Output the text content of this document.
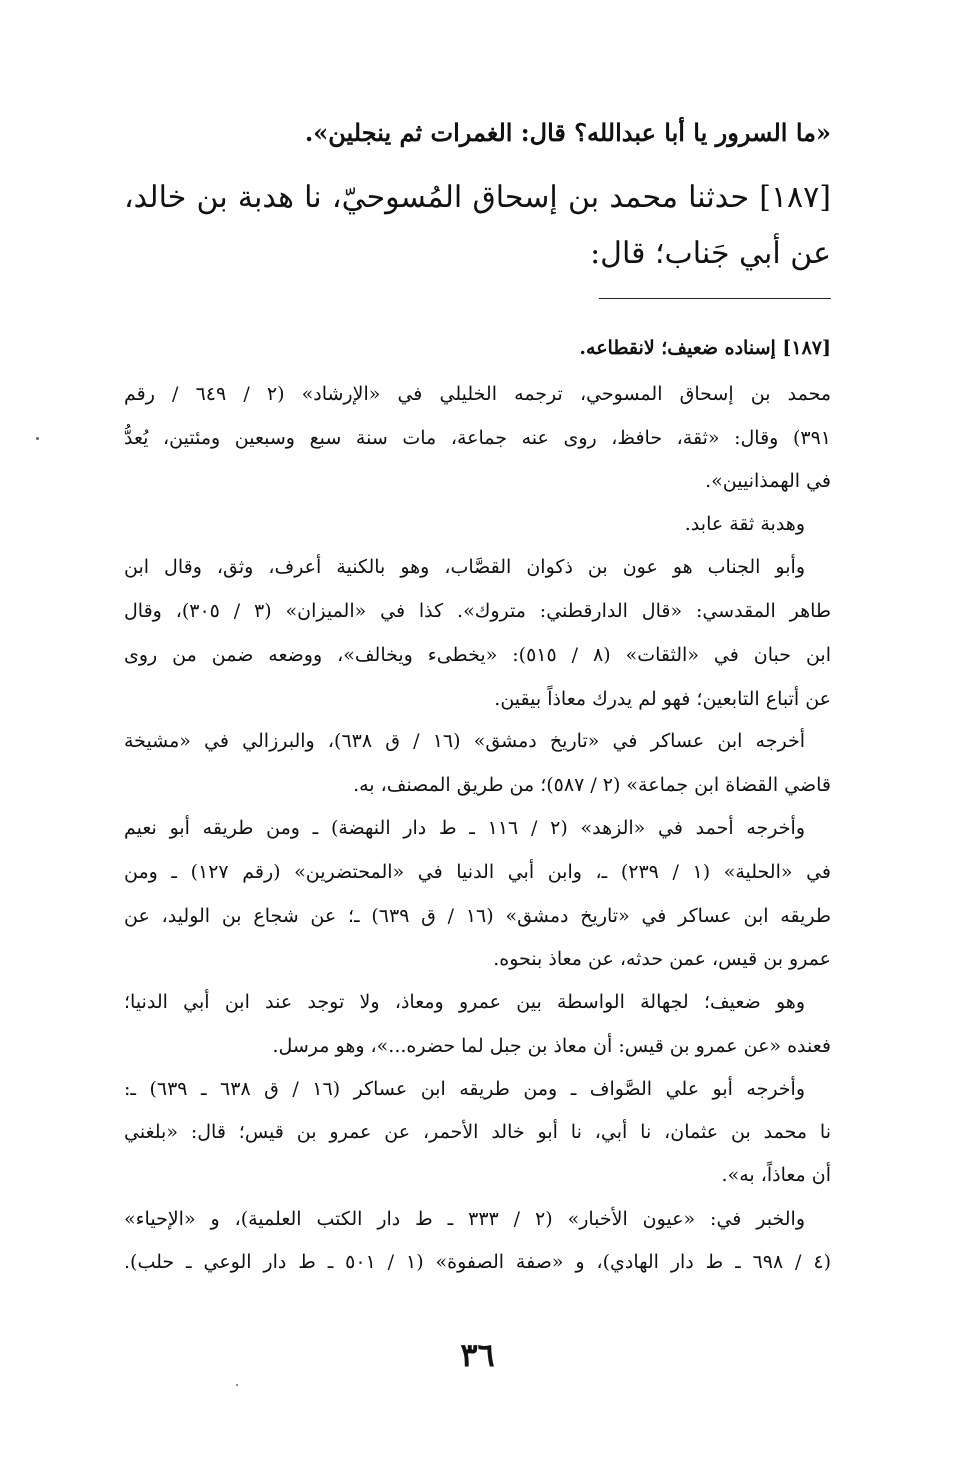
«ما السرور يا أبا عبدالله؟ قال: الغمرات ثم ينجلين».
[١٨٧] حدثنا محمد بن إسحاق المُسوحيّ، نا هدبة بن خالد،
عن أبي جَناب؛ قال:
[١٨٧] إسناده ضعيف؛ لانقطاعه.
محمد بن إسحاق المسوحي، ترجمه الخليلي في «الإرشاد» (٢ / ٦٤٩ / رقم
٣٩١) وقال: «ثقة، حافظ، روى عنه جماعة، مات سنة سبع وسبعين ومئتين، يُعدُّ
في الهمذانيين».
وهدبة ثقة عابد.
وأبو الجناب هو عون بن ذكوان القصَّاب، وهو بالكنية أعرف، وثق، وقال ابن
طاهر المقدسي: «قال الدارقطني: متروك». كذا في «الميزان» (٣ / ٣٠٥)، وقال
ابن حبان في «الثقات» (٨ / ٥١٥): «يخطىء ويخالف»، ووضعه ضمن من روى
عن أتباع التابعين؛ فهو لم يدرك معاذاً بيقين.
أخرجه ابن عساكر في «تاريخ دمشق» (١٦ / ق ٦٣٨)، والبرزالي في «مشيخة
قاضي القضاة ابن جماعة» (٢ / ٥٨٧)؛ من طريق المصنف، به.
وأخرجه أحمد في «الزهد» (٢ / ١١٦ ـ ط دار النهضة) ـ ومن طريقه أبو نعيم
في «الحلية» (١ / ٢٣٩) ـ، وابن أبي الدنيا في «المحتضرين» (رقم ١٢٧) ـ ومن
طريقه ابن عساكر في «تاريخ دمشق» (١٦ / ق ٦٣٩) ـ؛ عن شجاع بن الوليد، عن
عمرو بن قيس، عمن حدثه، عن معاذ بنحوه.
وهو ضعيف؛ لجهالة الواسطة بين عمرو ومعاذ، ولا توجد عند ابن أبي الدنيا؛
فعنده «عن عمرو بن قيس: أن معاذ بن جبل لما حضره...»، وهو مرسل.
وأخرجه أبو علي الصَّواف ـ ومن طريقه ابن عساكر (١٦ / ق ٦٣٨ ـ ٦٣٩) ـ:
نا محمد بن عثمان، نا أبي، نا أبو خالد الأحمر، عن عمرو بن قيس؛ قال: «بلغني
أن معاذاً، به».
والخبر في: «عيون الأخبار» (٢ / ٣٣٣ ـ ط دار الكتب العلمية)، و «الإحياء»
(٤ / ٦٩٨ ـ ط دار الهادي)، و «صفة الصفوة» (١ / ٥٠١ ـ ط دار الوعي ـ حلب).
٣٦
